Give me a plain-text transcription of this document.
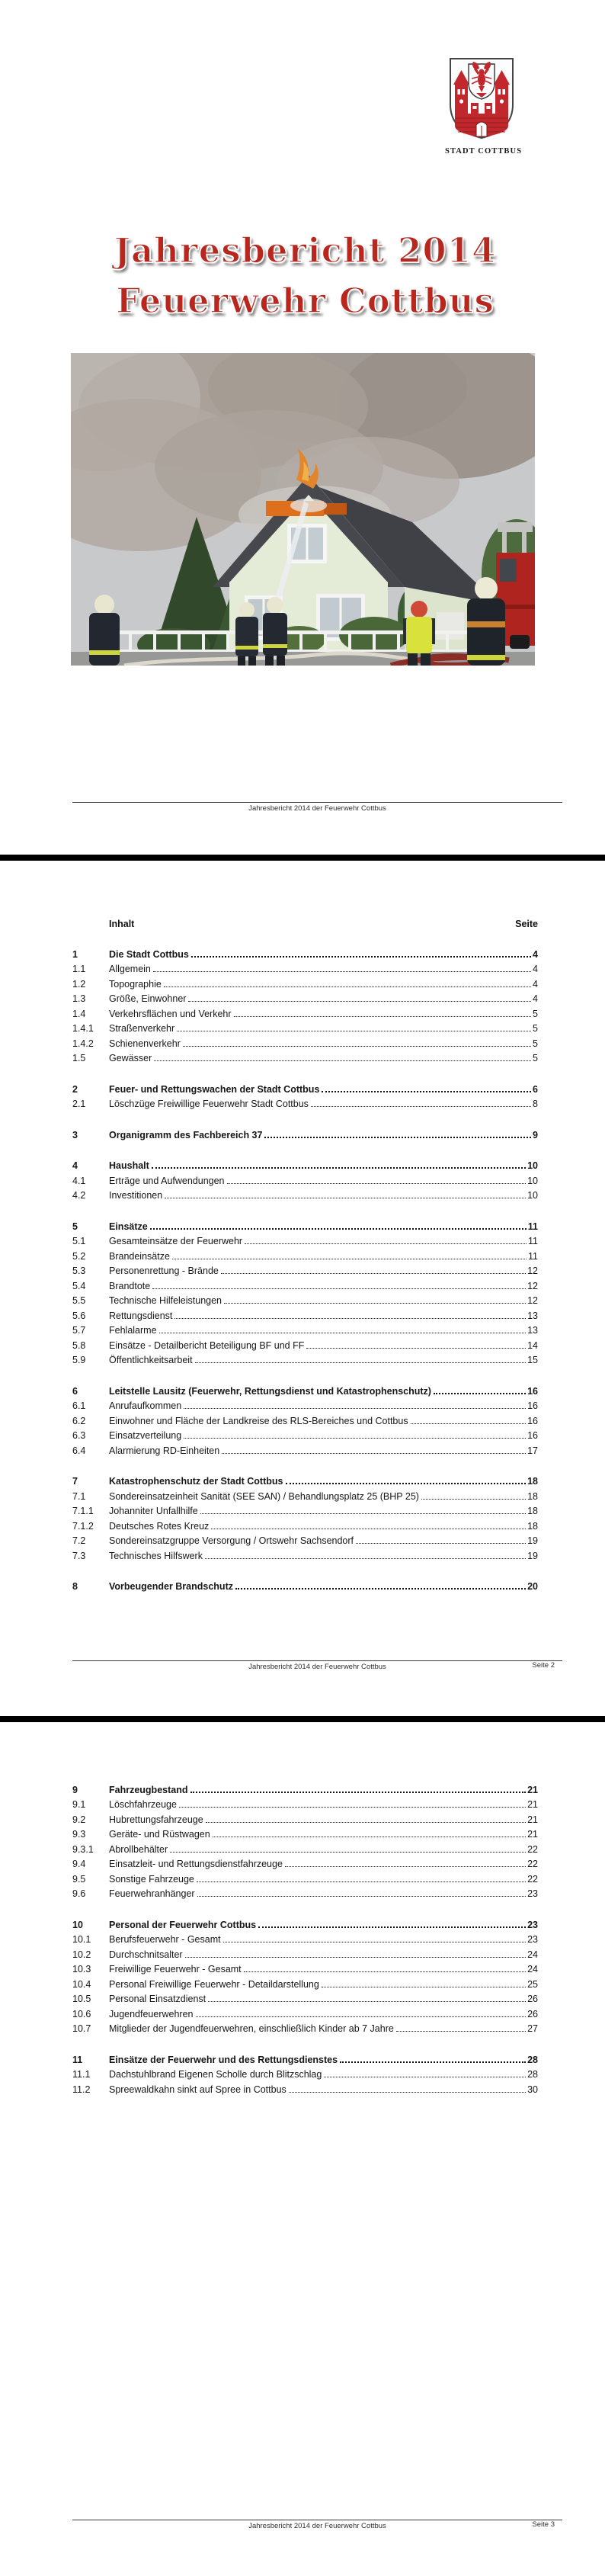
STADT COTTBUS
Jahresbericht 2014
Feuerwehr Cottbus
Jahresbericht 2014 der Feuerwehr Cottbus
Inhalt	Seite
1	Die Stadt Cottbus	4
1.1	Allgemein	4
1.2	Topographie	4
1.3	Größe, Einwohner	4
1.4	Verkehrsflächen und Verkehr	5
1.4.1	Straßenverkehr	5
1.4.2	Schienenverkehr	5
1.5	Gewässer	5
2	Feuer- und Rettungswachen der Stadt Cottbus	6
2.1	Löschzüge Freiwillige Feuerwehr Stadt Cottbus	8
3	Organigramm des Fachbereich 37	9
4	Haushalt	10
4.1	Erträge und Aufwendungen	10
4.2	Investitionen	10
5	Einsätze	11
5.1	Gesamteinsätze der Feuerwehr	11
5.2	Brandeinsätze	11
5.3	Personenrettung - Brände	12
5.4	Brandtote	12
5.5	Technische Hilfeleistungen	12
5.6	Rettungsdienst	13
5.7	Fehlalarme	13
5.8	Einsätze - Detailbericht Beteiligung BF und FF	14
5.9	Öffentlichkeitsarbeit	15
6	Leitstelle Lausitz (Feuerwehr, Rettungsdienst und Katastrophenschutz)	16
6.1	Anrufaufkommen	16
6.2	Einwohner und Fläche der Landkreise des RLS-Bereiches und Cottbus	16
6.3	Einsatzverteilung	16
6.4	Alarmierung RD-Einheiten	17
7	Katastrophenschutz der Stadt Cottbus	18
7.1	Sondereinsatzeinheit Sanität (SEE SAN) / Behandlungsplatz 25 (BHP 25)	18
7.1.1	Johanniter Unfallhilfe	18
7.1.2	Deutsches Rotes Kreuz	18
7.2	Sondereinsatzgruppe Versorgung / Ortswehr Sachsendorf	19
7.3	Technisches Hilfswerk	19
8	Vorbeugender Brandschutz	20
Jahresbericht 2014 der Feuerwehr Cottbus	Seite 2
9	Fahrzeugbestand	21
9.1	Löschfahrzeuge	21
9.2	Hubrettungsfahrzeuge	21
9.3	Geräte- und Rüstwagen	21
9.3.1	Abrollbehälter	22
9.4	Einsatzleit- und Rettungsdienstfahrzeuge	22
9.5	Sonstige Fahrzeuge	22
9.6	Feuerwehranhänger	23
10	Personal der Feuerwehr Cottbus	23
10.1	Berufsfeuerwehr - Gesamt	23
10.2	Durchschnitsalter	24
10.3	Freiwillige Feuerwehr - Gesamt	24
10.4	Personal Freiwillige Feuerwehr - Detaildarstellung	25
10.5	Personal Einsatzdienst	26
10.6	Jugendfeuerwehren	26
10.7	Mitglieder der Jugendfeuerwehren, einschließlich Kinder ab 7 Jahre	27
11	Einsätze der Feuerwehr und des Rettungsdienstes	28
11.1	Dachstuhlbrand Eigenen Scholle durch Blitzschlag	28
11.2	Spreewaldkahn sinkt auf Spree in Cottbus	30
Jahresbericht 2014 der Feuerwehr Cottbus	Seite 3
